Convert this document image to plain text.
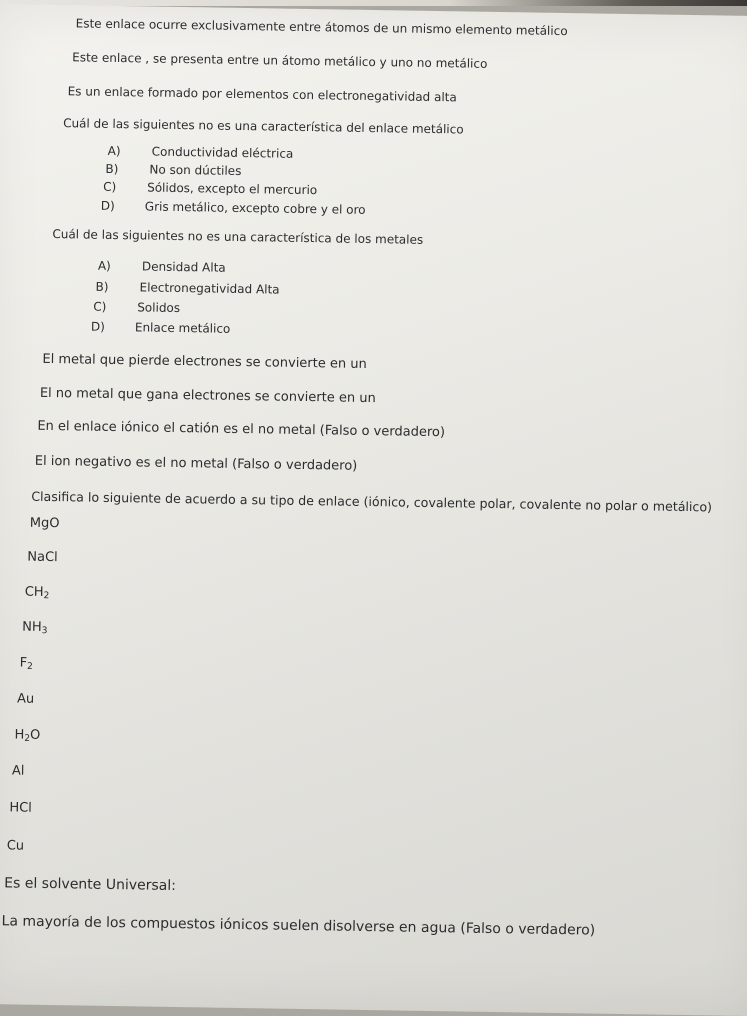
Este enlace ocurre exclusivamente entre átomos de un mismo elemento metálico
Este enlace , se presenta entre un átomo metálico y uno no metálico
Es un enlace formado por elementos con electronegatividad alta
Cuál de las siguientes no es una característica del enlace metálico
A)	Conductividad eléctrica
B)	No son dúctiles
C)	Sólidos, excepto el mercurio
D) Gris metálico, excepto cobre y el oro
Cuál de las siguientes no es una característica de los metales
A)	Densidad Alta
B)	Electronegatividad Alta
C)	Solidos
D) Enlace metálico
El metal que pierde electrones se convierte en un
El no metal que gana electrones se convierte en un
En el enlace iónico el catión es el no metal (Falso o verdadero)
El ion negativo es el no metal (Falso o verdadero)
Clasifica lo siguiente de acuerdo a su tipo de enlace (iónico, covalente polar, covalente no polar o metálico)
MgO
NaCl
$CH_2$
$NH_3$
$F_2$
Au
$H_2O$
Al
HCl
Cu
Es el solvente Universal:
La mayoría de los compuestos iónicos suelen disolverse en agua (Falso o verdadero)
